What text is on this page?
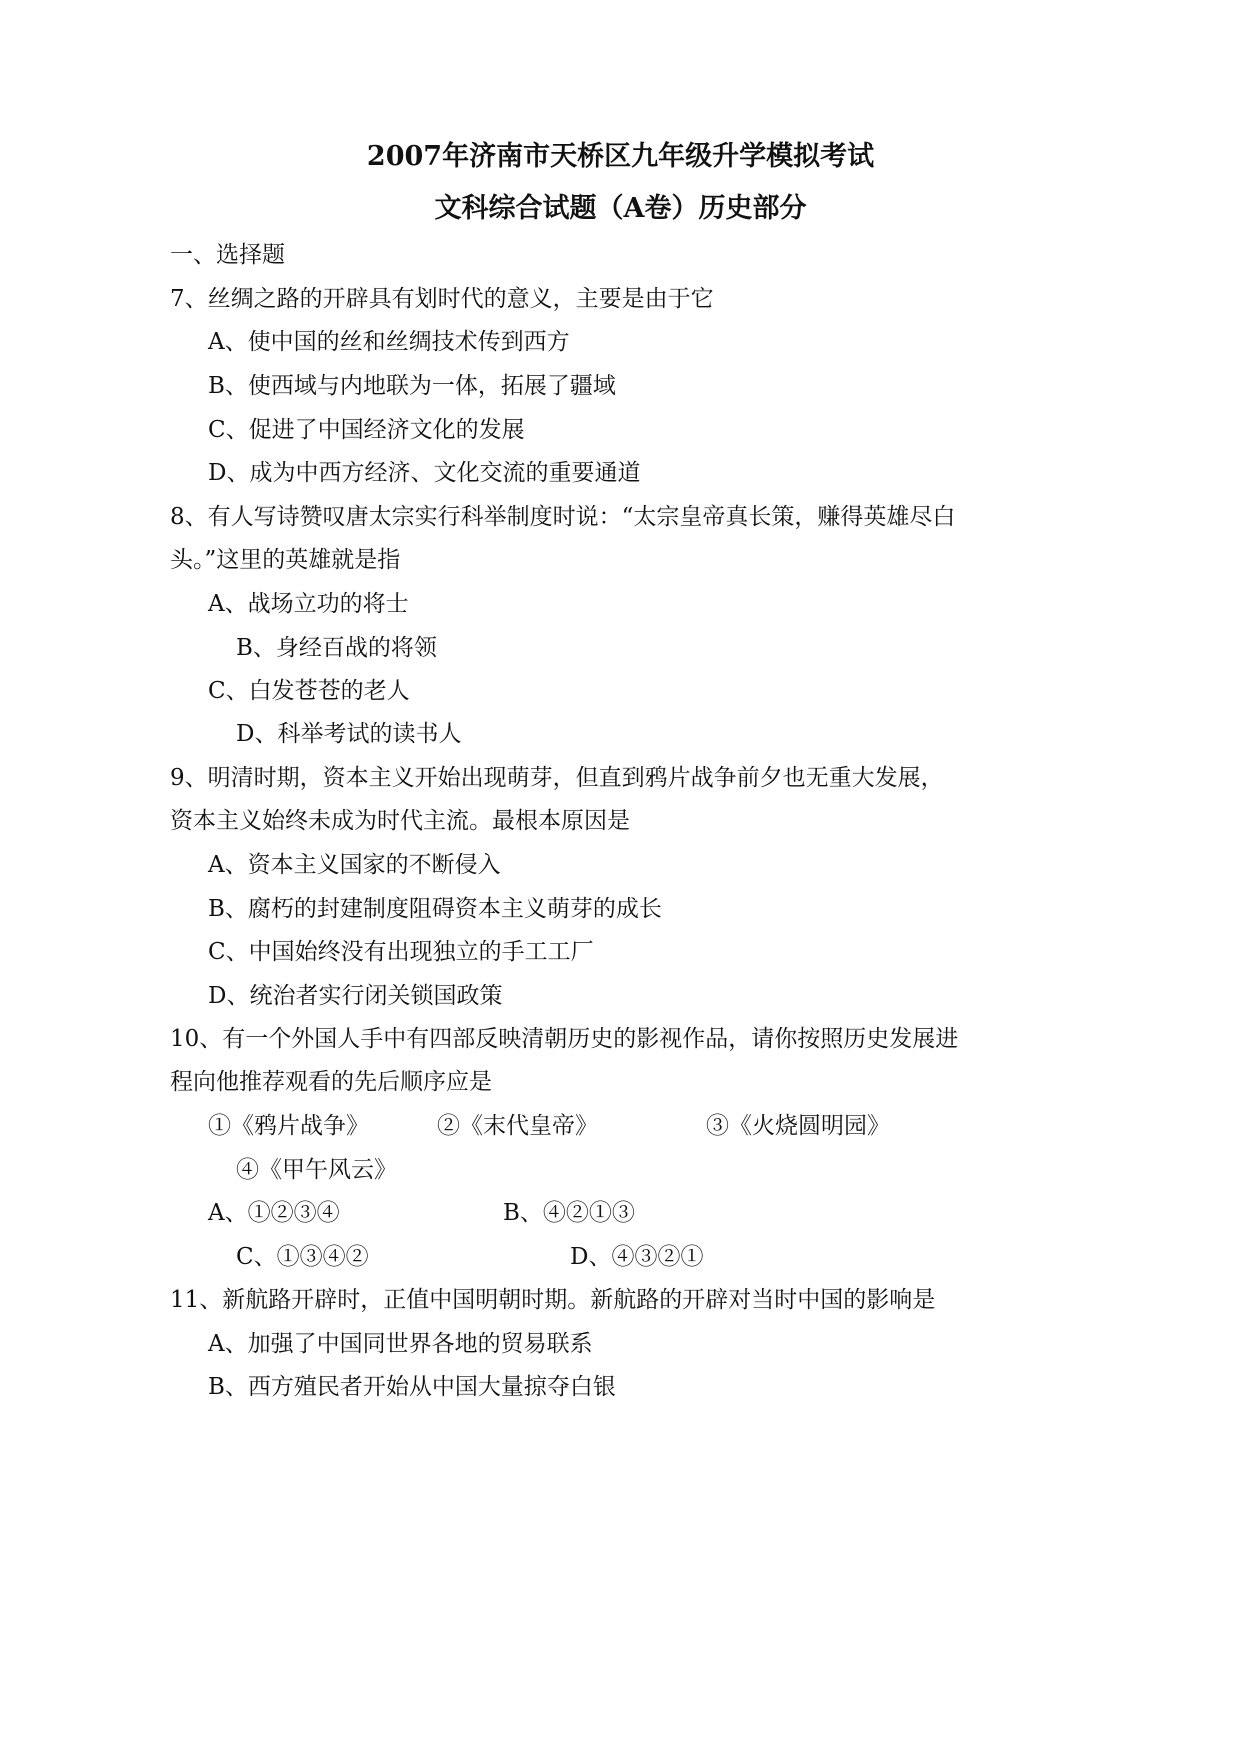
2007年济南市天桥区九年级升学模拟考试
文科综合试题（A卷）历史部分
一、选择题
7、丝绸之路的开辟具有划时代的意义，主要是由于它
A、使中国的丝和丝绸技术传到西方
B、使西域与内地联为一体，拓展了疆域
C、促进了中国经济文化的发展
D、成为中西方经济、文化交流的重要通道
8、有人写诗赞叹唐太宗实行科举制度时说：“太宗皇帝真长策，赚得英雄尽白
头。”这里的英雄就是指
A、战场立功的将士
B、身经百战的将领
C、白发苍苍的老人
D、科举考试的读书人
9、明清时期，资本主义开始出现萌芽，但直到鸦片战争前夕也无重大发展，
资本主义始终未成为时代主流。最根本原因是
A、资本主义国家的不断侵入
B、腐朽的封建制度阻碍资本主义萌芽的成长
C、中国始终没有出现独立的手工工厂
D、统治者实行闭关锁国政策
10、有一个外国人手中有四部反映清朝历史的影视作品，请你按照历史发展进
程向他推荐观看的先后顺序应是
①《鸦片战争》	②《末代皇帝》	③《火烧圆明园》
④《甲午风云》
A、①②③④	B、④②①③
C、①③④②	D、④③②①
11、新航路开辟时，正值中国明朝时期。新航路的开辟对当时中国的影响是
A、加强了中国同世界各地的贸易联系
B、西方殖民者开始从中国大量掠夺白银
